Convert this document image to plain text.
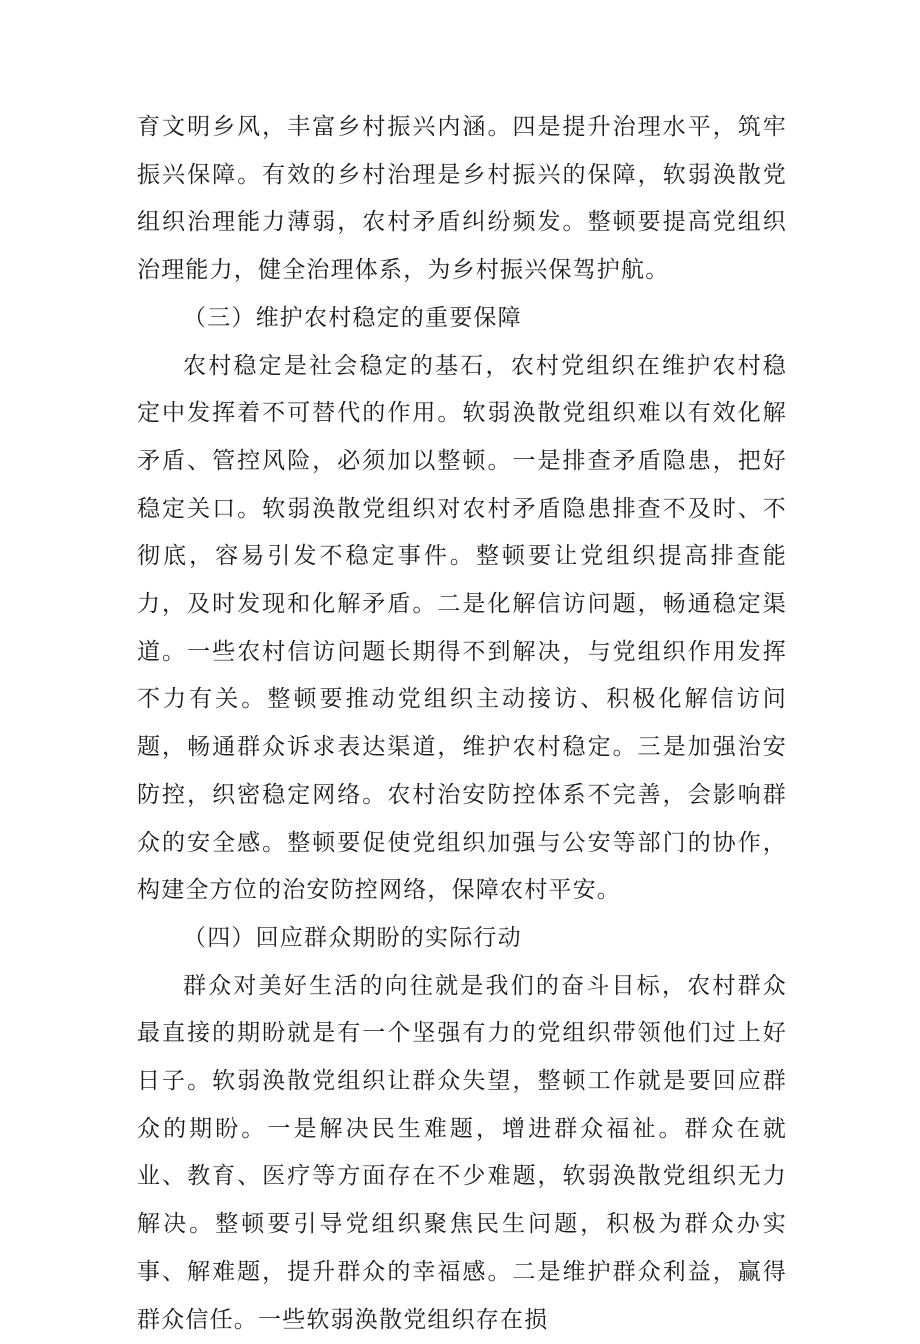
育文明乡风，丰富乡村振兴内涵。四是提升治理水平，筑牢振兴保障。有效的乡村治理是乡村振兴的保障，软弱涣散党组织治理能力薄弱，农村矛盾纠纷频发。整顿要提高党组织治理能力，健全治理体系，为乡村振兴保驾护航。

（三）维护农村稳定的重要保障

农村稳定是社会稳定的基石，农村党组织在维护农村稳定中发挥着不可替代的作用。软弱涣散党组织难以有效化解矛盾、管控风险，必须加以整顿。一是排查矛盾隐患，把好稳定关口。软弱涣散党组织对农村矛盾隐患排查不及时、不彻底，容易引发不稳定事件。整顿要让党组织提高排查能力，及时发现和化解矛盾。二是化解信访问题，畅通稳定渠道。一些农村信访问题长期得不到解决，与党组织作用发挥不力有关。整顿要推动党组织主动接访、积极化解信访问题，畅通群众诉求表达渠道，维护农村稳定。三是加强治安防控，织密稳定网络。农村治安防控体系不完善，会影响群众的安全感。整顿要促使党组织加强与公安等部门的协作，构建全方位的治安防控网络，保障农村平安。

（四）回应群众期盼的实际行动

群众对美好生活的向往就是我们的奋斗目标，农村群众最直接的期盼就是有一个坚强有力的党组织带领他们过上好日子。软弱涣散党组织让群众失望，整顿工作就是要回应群众的期盼。一是解决民生难题，增进群众福祉。群众在就业、教育、医疗等方面存在不少难题，软弱涣散党组织无力解决。整顿要引导党组织聚焦民生问题，积极为群众办实事、解难题，提升群众的幸福感。二是维护群众利益，赢得群众信任。一些软弱涣散党组织存在损
